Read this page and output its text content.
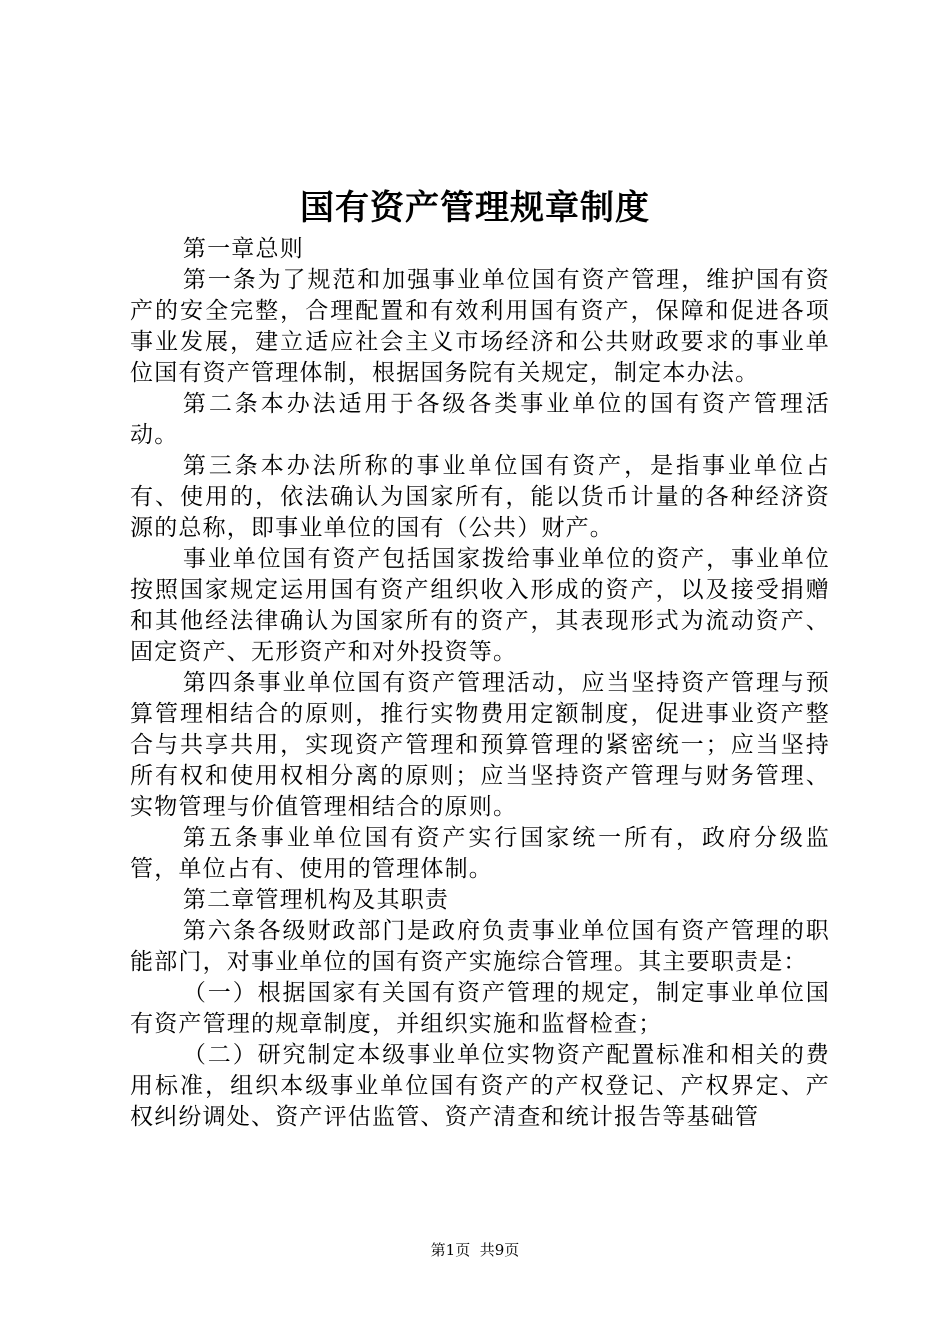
国有资产管理规章制度

第一章总则

第一条为了规范和加强事业单位国有资产管理，维护国有资产的安全完整，合理配置和有效利用国有资产，保障和促进各项事业发展，建立适应社会主义市场经济和公共财政要求的事业单位国有资产管理体制，根据国务院有关规定，制定本办法。

第二条本办法适用于各级各类事业单位的国有资产管理活动。

第三条本办法所称的事业单位国有资产，是指事业单位占有、使用的，依法确认为国家所有，能以货币计量的各种经济资源的总称，即事业单位的国有（公共）财产。

事业单位国有资产包括国家拨给事业单位的资产，事业单位按照国家规定运用国有资产组织收入形成的资产，以及接受捐赠和其他经法律确认为国家所有的资产，其表现形式为流动资产、固定资产、无形资产和对外投资等。

第四条事业单位国有资产管理活动，应当坚持资产管理与预算管理相结合的原则，推行实物费用定额制度，促进事业资产整合与共享共用，实现资产管理和预算管理的紧密统一；应当坚持所有权和使用权相分离的原则；应当坚持资产管理与财务管理、实物管理与价值管理相结合的原则。

第五条事业单位国有资产实行国家统一所有，政府分级监管，单位占有、使用的管理体制。

第二章管理机构及其职责

第六条各级财政部门是政府负责事业单位国有资产管理的职能部门，对事业单位的国有资产实施综合管理。其主要职责是：

（一）根据国家有关国有资产管理的规定，制定事业单位国有资产管理的规章制度，并组织实施和监督检查；

（二）研究制定本级事业单位实物资产配置标准和相关的费用标准，组织本级事业单位国有资产的产权登记、产权界定、产权纠纷调处、资产评估监管、资产清查和统计报告等基础管

第1页 共9页
